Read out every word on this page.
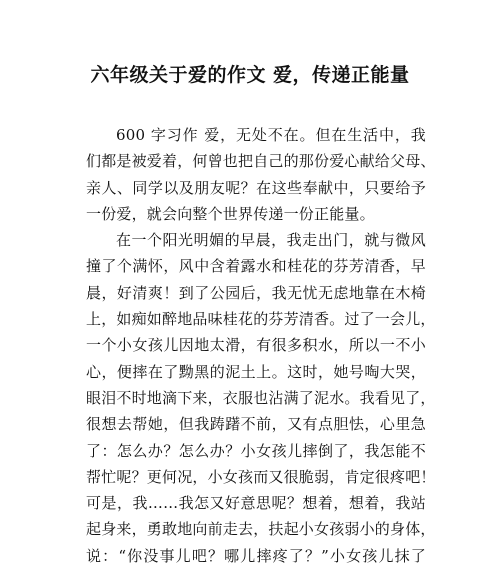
六年级关于爱的作文 爱，传递正能量
600 字习作 爱，无处不在。但在生活中，我
们都是被爱着，何曾也把自己的那份爱心献给父母、
亲人、同学以及朋友呢？在这些奉献中，只要给予
一份爱，就会向整个世界传递一份正能量。
在一个阳光明媚的早晨，我走出门，就与微风
撞了个满怀，风中含着露水和桂花的芬芳清香，早
晨，好清爽！到了公园后，我无忧无虑地靠在木椅
上，如痴如醉地品味桂花的芬芳清香。过了一会儿，
一个小女孩儿因地太滑，有很多积水，所以一不小
心，便摔在了黝黑的泥土上。这时，她号啕大哭，
眼泪不时地滴下来，衣服也沾满了泥水。我看见了，
很想去帮她，但我踌躇不前，又有点胆怯，心里急
了：怎么办？怎么办？小女孩儿摔倒了，我怎能不
帮忙呢？更何况，小女孩而又很脆弱，肯定很疼吧！
可是，我……我怎又好意思呢？想着，想着，我站
起身来，勇敢地向前走去，扶起小女孩弱小的身体，
说：“你没事儿吧？哪儿摔疼了？”小女孩儿抹了
